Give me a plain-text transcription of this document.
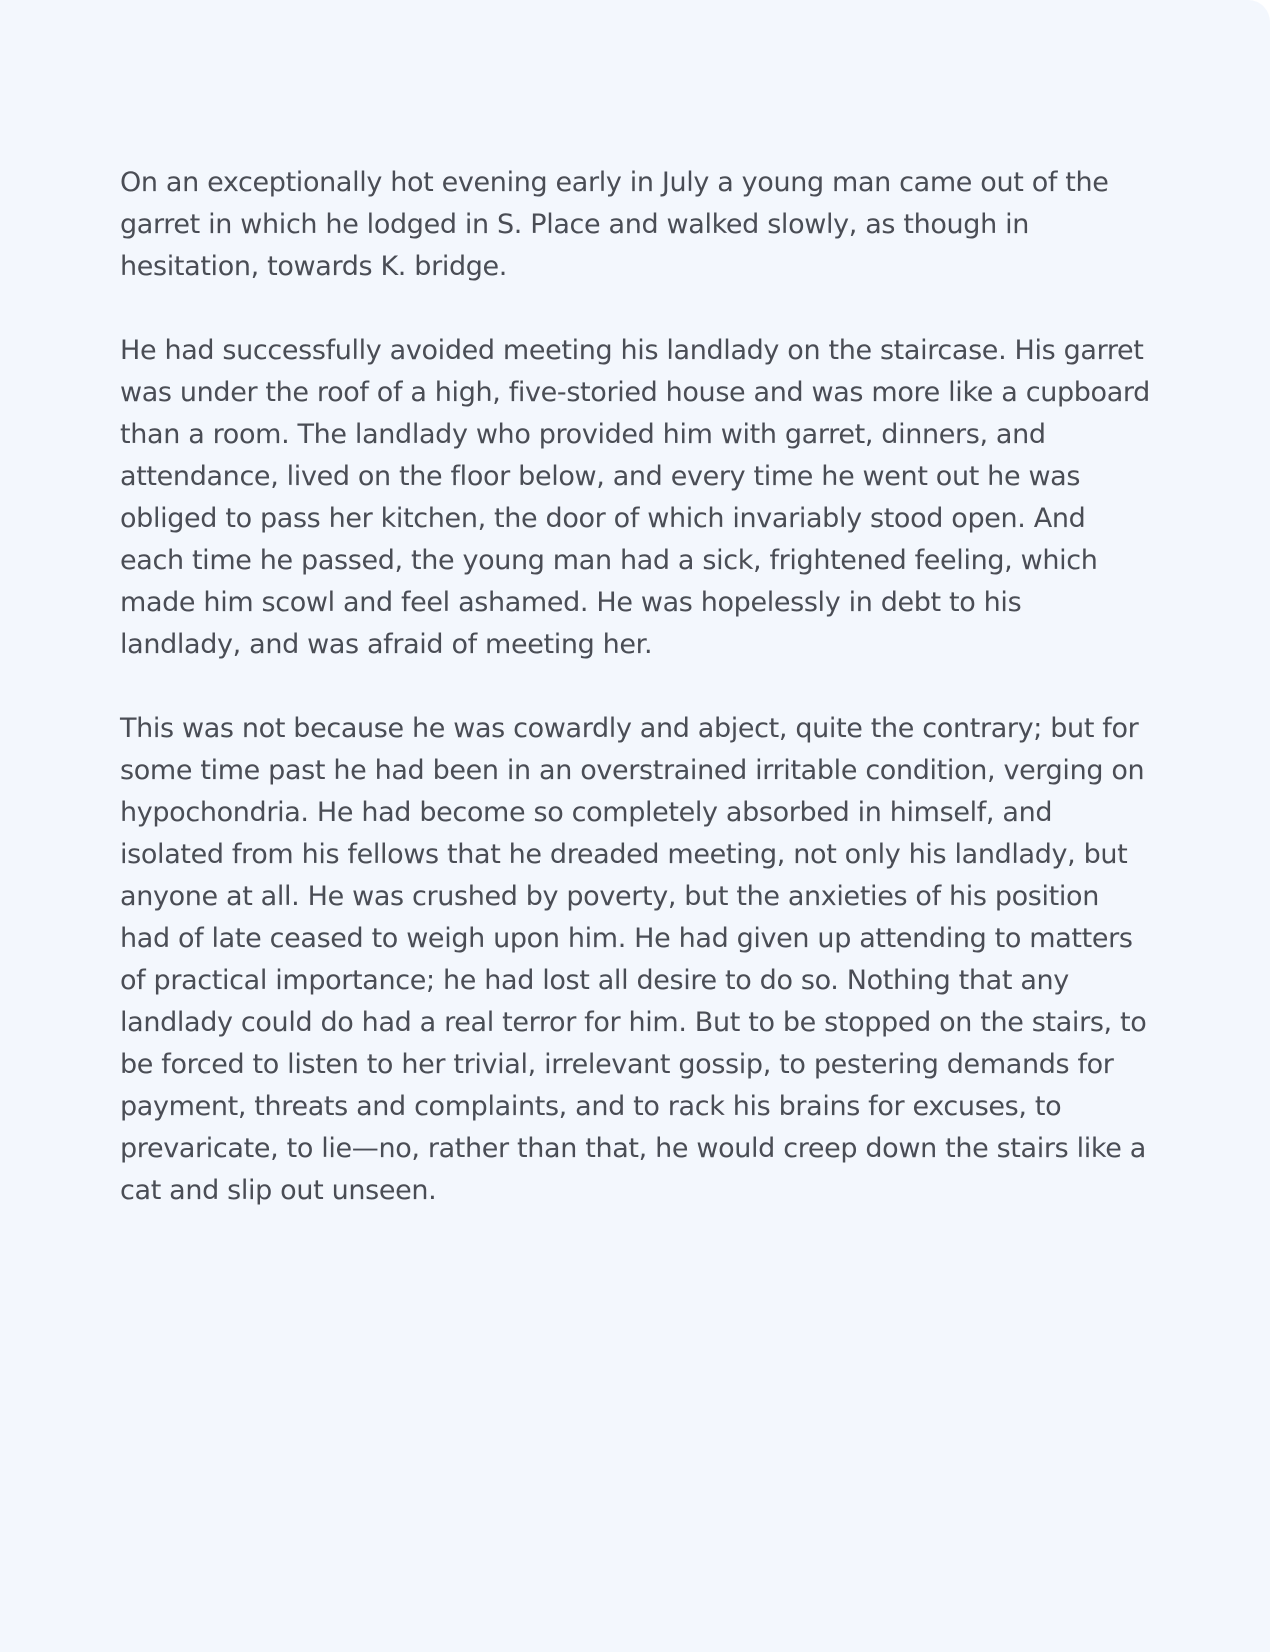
On an exceptionally hot evening early in July a young man came out of the garret in which he lodged in S. Place and walked slowly, as though in hesitation, towards K. bridge.

He had successfully avoided meeting his landlady on the staircase. His garret was under the roof of a high, five-storied house and was more like a cupboard than a room. The landlady who provided him with garret, dinners, and attendance, lived on the floor below, and every time he went out he was obliged to pass her kitchen, the door of which invariably stood open. And each time he passed, the young man had a sick, frightened feeling, which made him scowl and feel ashamed. He was hopelessly in debt to his landlady, and was afraid of meeting her.

This was not because he was cowardly and abject, quite the contrary; but for some time past he had been in an overstrained irritable condition, verging on hypochondria. He had become so completely absorbed in himself, and isolated from his fellows that he dreaded meeting, not only his landlady, but anyone at all. He was crushed by poverty, but the anxieties of his position had of late ceased to weigh upon him. He had given up attending to matters of practical importance; he had lost all desire to do so. Nothing that any landlady could do had a real terror for him. But to be stopped on the stairs, to be forced to listen to her trivial, irrelevant gossip, to pestering demands for payment, threats and complaints, and to rack his brains for excuses, to prevaricate, to lie—no, rather than that, he would creep down the stairs like a cat and slip out unseen.
